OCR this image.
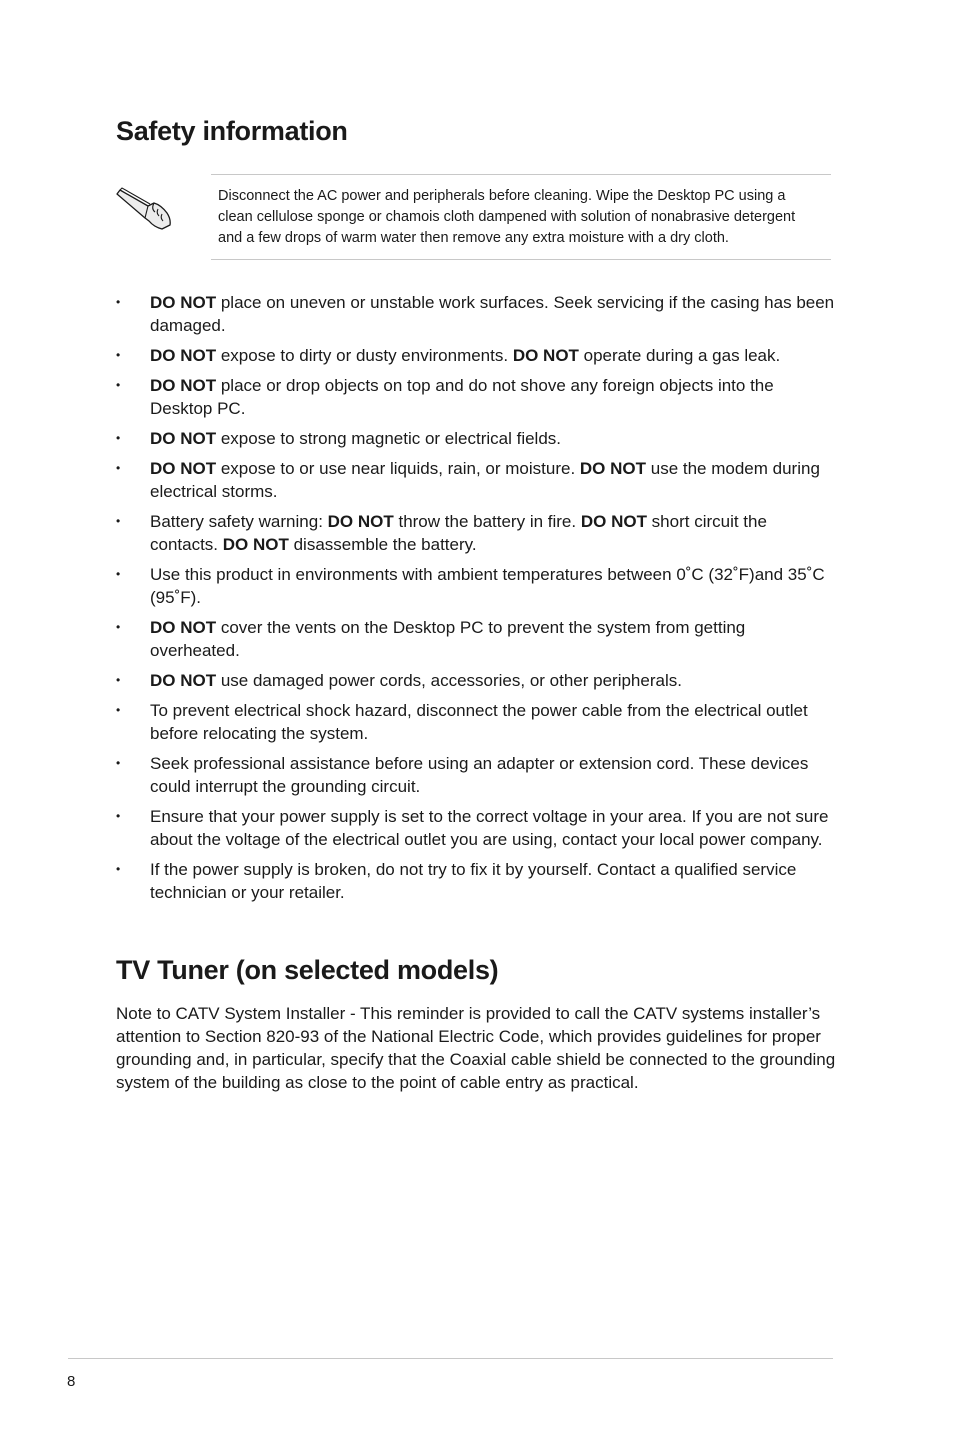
Safety information
Disconnect the AC power and peripherals before cleaning. Wipe the Desktop PC using a clean cellulose sponge or chamois cloth dampened with solution of nonabrasive detergent and a few drops of warm water then remove any extra moisture with a dry cloth.
•	DO NOT place on uneven or unstable work surfaces. Seek servicing if the casing has been damaged.
•	DO NOT expose to dirty or dusty environments. DO NOT operate during a gas leak.
•	DO NOT place or drop objects on top and do not shove any foreign objects into the Desktop PC.
•	DO NOT expose to strong magnetic or electrical fields.
•	DO NOT expose to or use near liquids, rain, or moisture. DO NOT use the modem during electrical storms.
•	Battery safety warning: DO NOT throw the battery in fire. DO NOT short circuit the contacts. DO NOT disassemble the battery.
•	Use this product in environments with ambient temperatures between 0˚C (32˚F)and 35˚C (95˚F).
•	DO NOT cover the vents on the Desktop PC to prevent the system from getting overheated.
•	DO NOT use damaged power cords, accessories, or other peripherals.
•	To prevent electrical shock hazard, disconnect the power cable from the electrical outlet before relocating the system.
•	Seek professional assistance before using an adapter or extension cord. These devices could interrupt the grounding circuit.
•	Ensure that your power supply is set to the correct voltage in your area. If you are not sure about the voltage of the electrical outlet you are using, contact your local power company.
•	If the power supply is broken, do not try to fix it by yourself. Contact a qualified service technician or your retailer.
TV Tuner (on selected models)

Note to CATV System Installer - This reminder is provided to call the CATV systems installer’s attention to Section 820-93 of the National Electric Code, which provides guidelines for proper grounding and, in particular, specify that the Coaxial cable shield be connected to the grounding system of the building as close to the point of cable entry as practical.

8
